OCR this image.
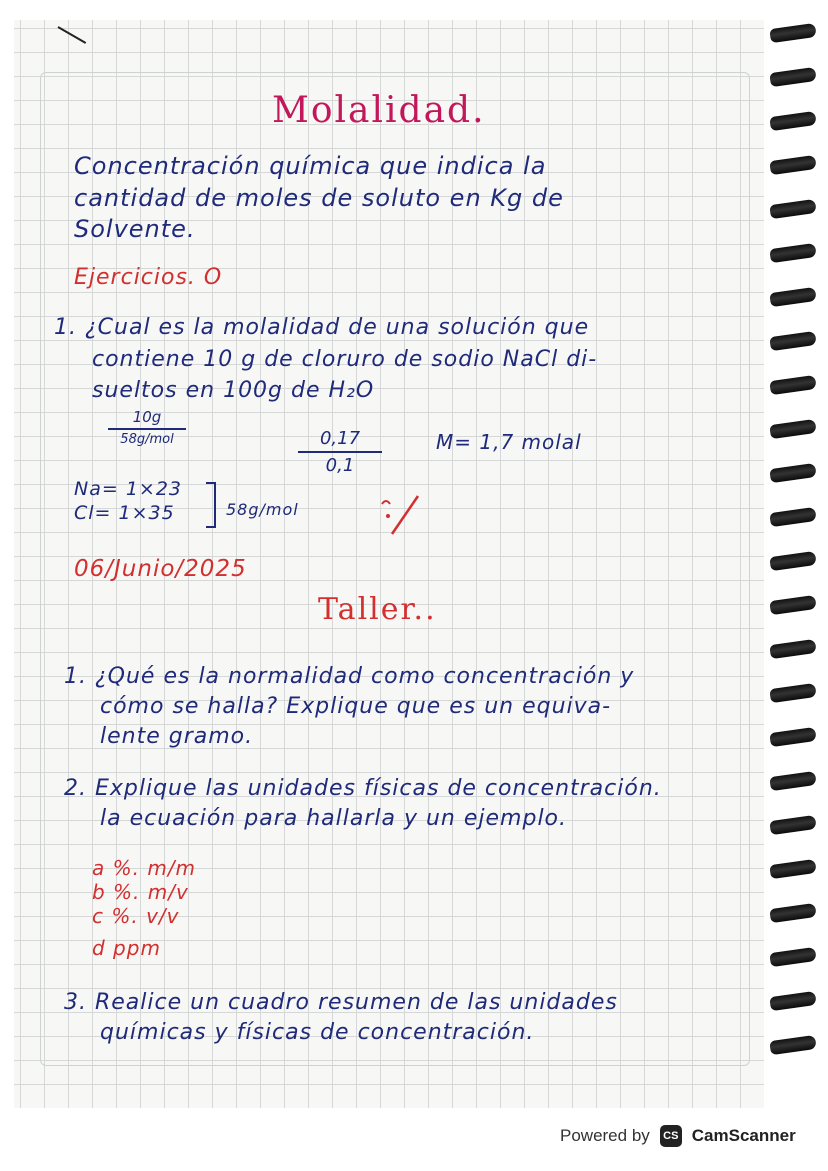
Molalidad.

Concentración química que indica la

cantidad de moles de soluto en Kg de

Solvente.

Ejercicios. O

1. ¿Cual es la molalidad de una solución que

contiene 10 g de cloruro de sodio NaCl di-

sueltos en 100g de H₂O

10g
58g/mol	0,17
0,1

M= 1,7 molal

Na= 1×23

Cl= 1×35	58g/mol

06/Junio/2025

Taller..

1. ¿Qué es la normalidad como concentración y

cómo se halla? Explique que es un equiva-

lente gramo.

2. Explique las unidades físicas de concentración.

la ecuación para hallarla y un ejemplo.

a %. m/m

b %. m/v

c %. v/v

d ppm

3. Realice un cuadro resumen de las unidades

químicas y físicas de concentración.

Powered by	CS CamScanner
